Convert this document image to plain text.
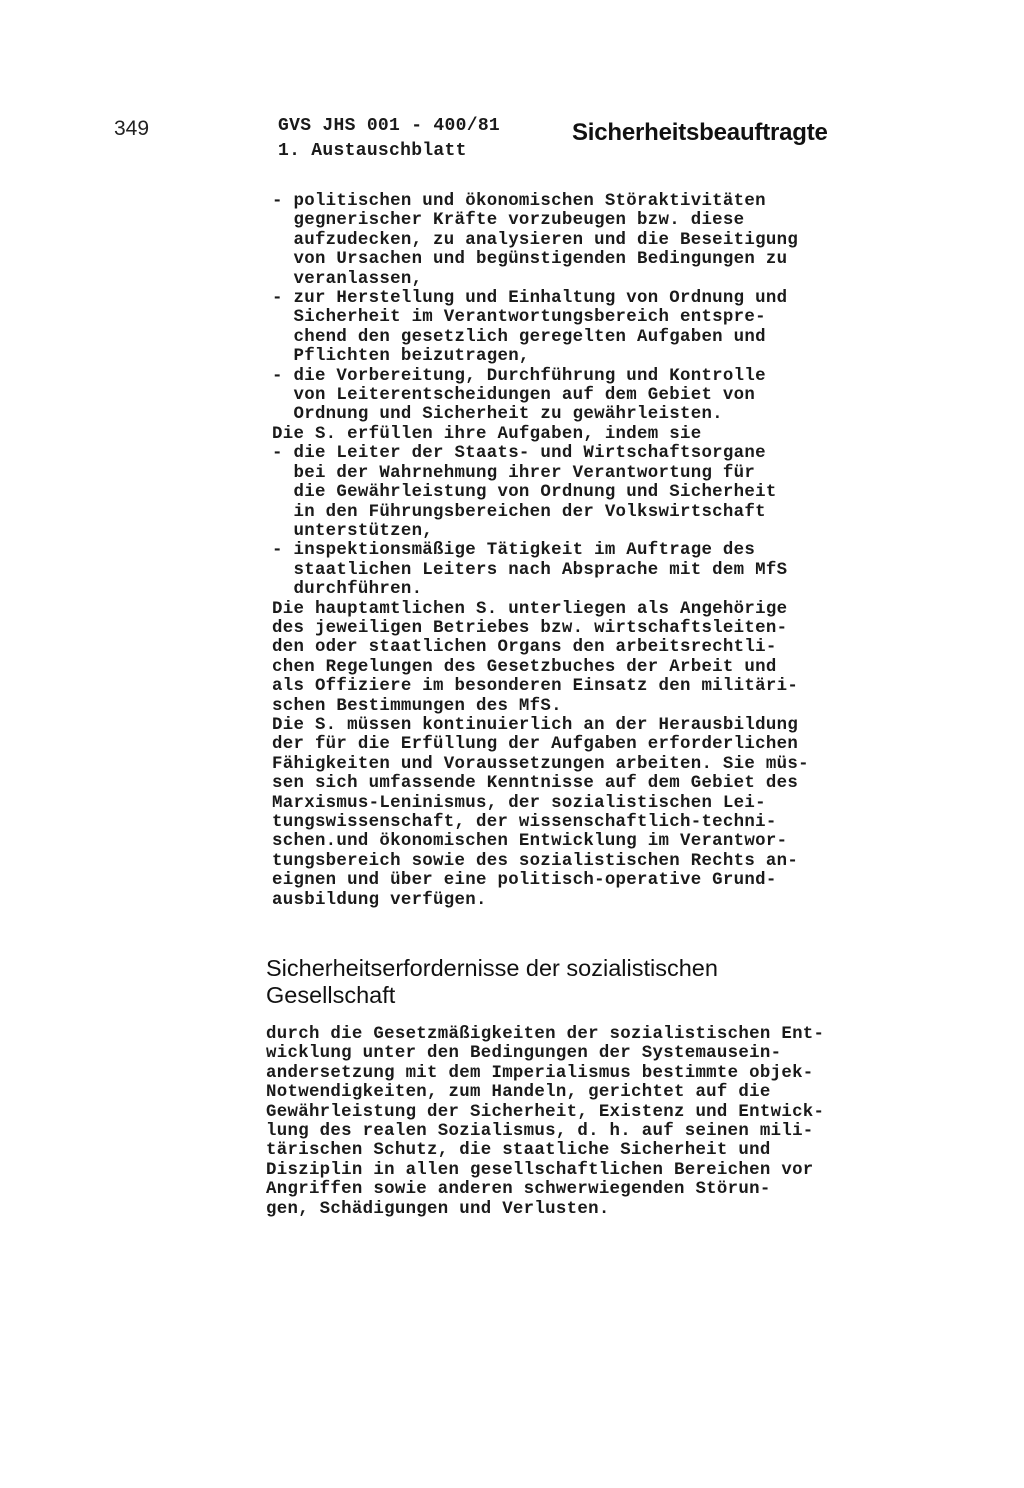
349	GVS JHS 001 - 400/81
1. Austauschblatt
Sicherheitsbeauftragte
- politischen und ökonomischen Störaktivitäten
gegnerischer Kräfte vorzubeugen bzw. diese
aufzudecken, zu analysieren und die Beseitigung
von Ursachen und begünstigenden Bedingungen zu
veranlassen,
- zur Herstellung und Einhaltung von Ordnung und
Sicherheit im Verantwortungsbereich entspre-
chend den gesetzlich geregelten Aufgaben und
Pflichten beizutragen,
- die Vorbereitung, Durchführung und Kontrolle
von Leiterentscheidungen auf dem Gebiet von
Ordnung und Sicherheit zu gewährleisten.
Die S. erfüllen ihre Aufgaben, indem sie
- die Leiter der Staats- und Wirtschaftsorgane
bei der Wahrnehmung ihrer Verantwortung für
die Gewährleistung von Ordnung und Sicherheit
in den Führungsbereichen der Volkswirtschaft
unterstützen,
- inspektionsmäßige Tätigkeit im Auftrage des
staatlichen Leiters nach Absprache mit dem MfS
durchführen.
Die hauptamtlichen S. unterliegen als Angehörige
des jeweiligen Betriebes bzw. wirtschaftsleiten-
den oder staatlichen Organs den arbeitsrechtli-
chen Regelungen des Gesetzbuches der Arbeit und
als Offiziere im besonderen Einsatz den militäri-
schen Bestimmungen des MfS.
Die S. müssen kontinuierlich an der Herausbildung
der für die Erfüllung der Aufgaben erforderlichen
Fähigkeiten und Voraussetzungen arbeiten. Sie müs-
sen sich umfassende Kenntnisse auf dem Gebiet des
Marxismus-Leninismus, der sozialistischen Lei-
tungswissenschaft, der wissenschaftlich-techni-
schen.und ökonomischen Entwicklung im Verantwor-
tungsbereich sowie des sozialistischen Rechts an-
eignen und über eine politisch-operative Grund-
ausbildung verfügen.
Sicherheitserfordernisse der sozialistischen
Gesellschaft
durch die Gesetzmäßigkeiten der sozialistischen Ent-
wicklung unter den Bedingungen der Systemausein-
andersetzung mit dem Imperialismus bestimmte objek-
Notwendigkeiten, zum Handeln, gerichtet auf die
Gewährleistung der Sicherheit, Existenz und Entwick-
lung des realen Sozialismus, d. h. auf seinen mili-
tärischen Schutz, die staatliche Sicherheit und
Disziplin in allen gesellschaftlichen Bereichen vor
Angriffen sowie anderen schwerwiegenden Störun-
gen, Schädigungen und Verlusten.
